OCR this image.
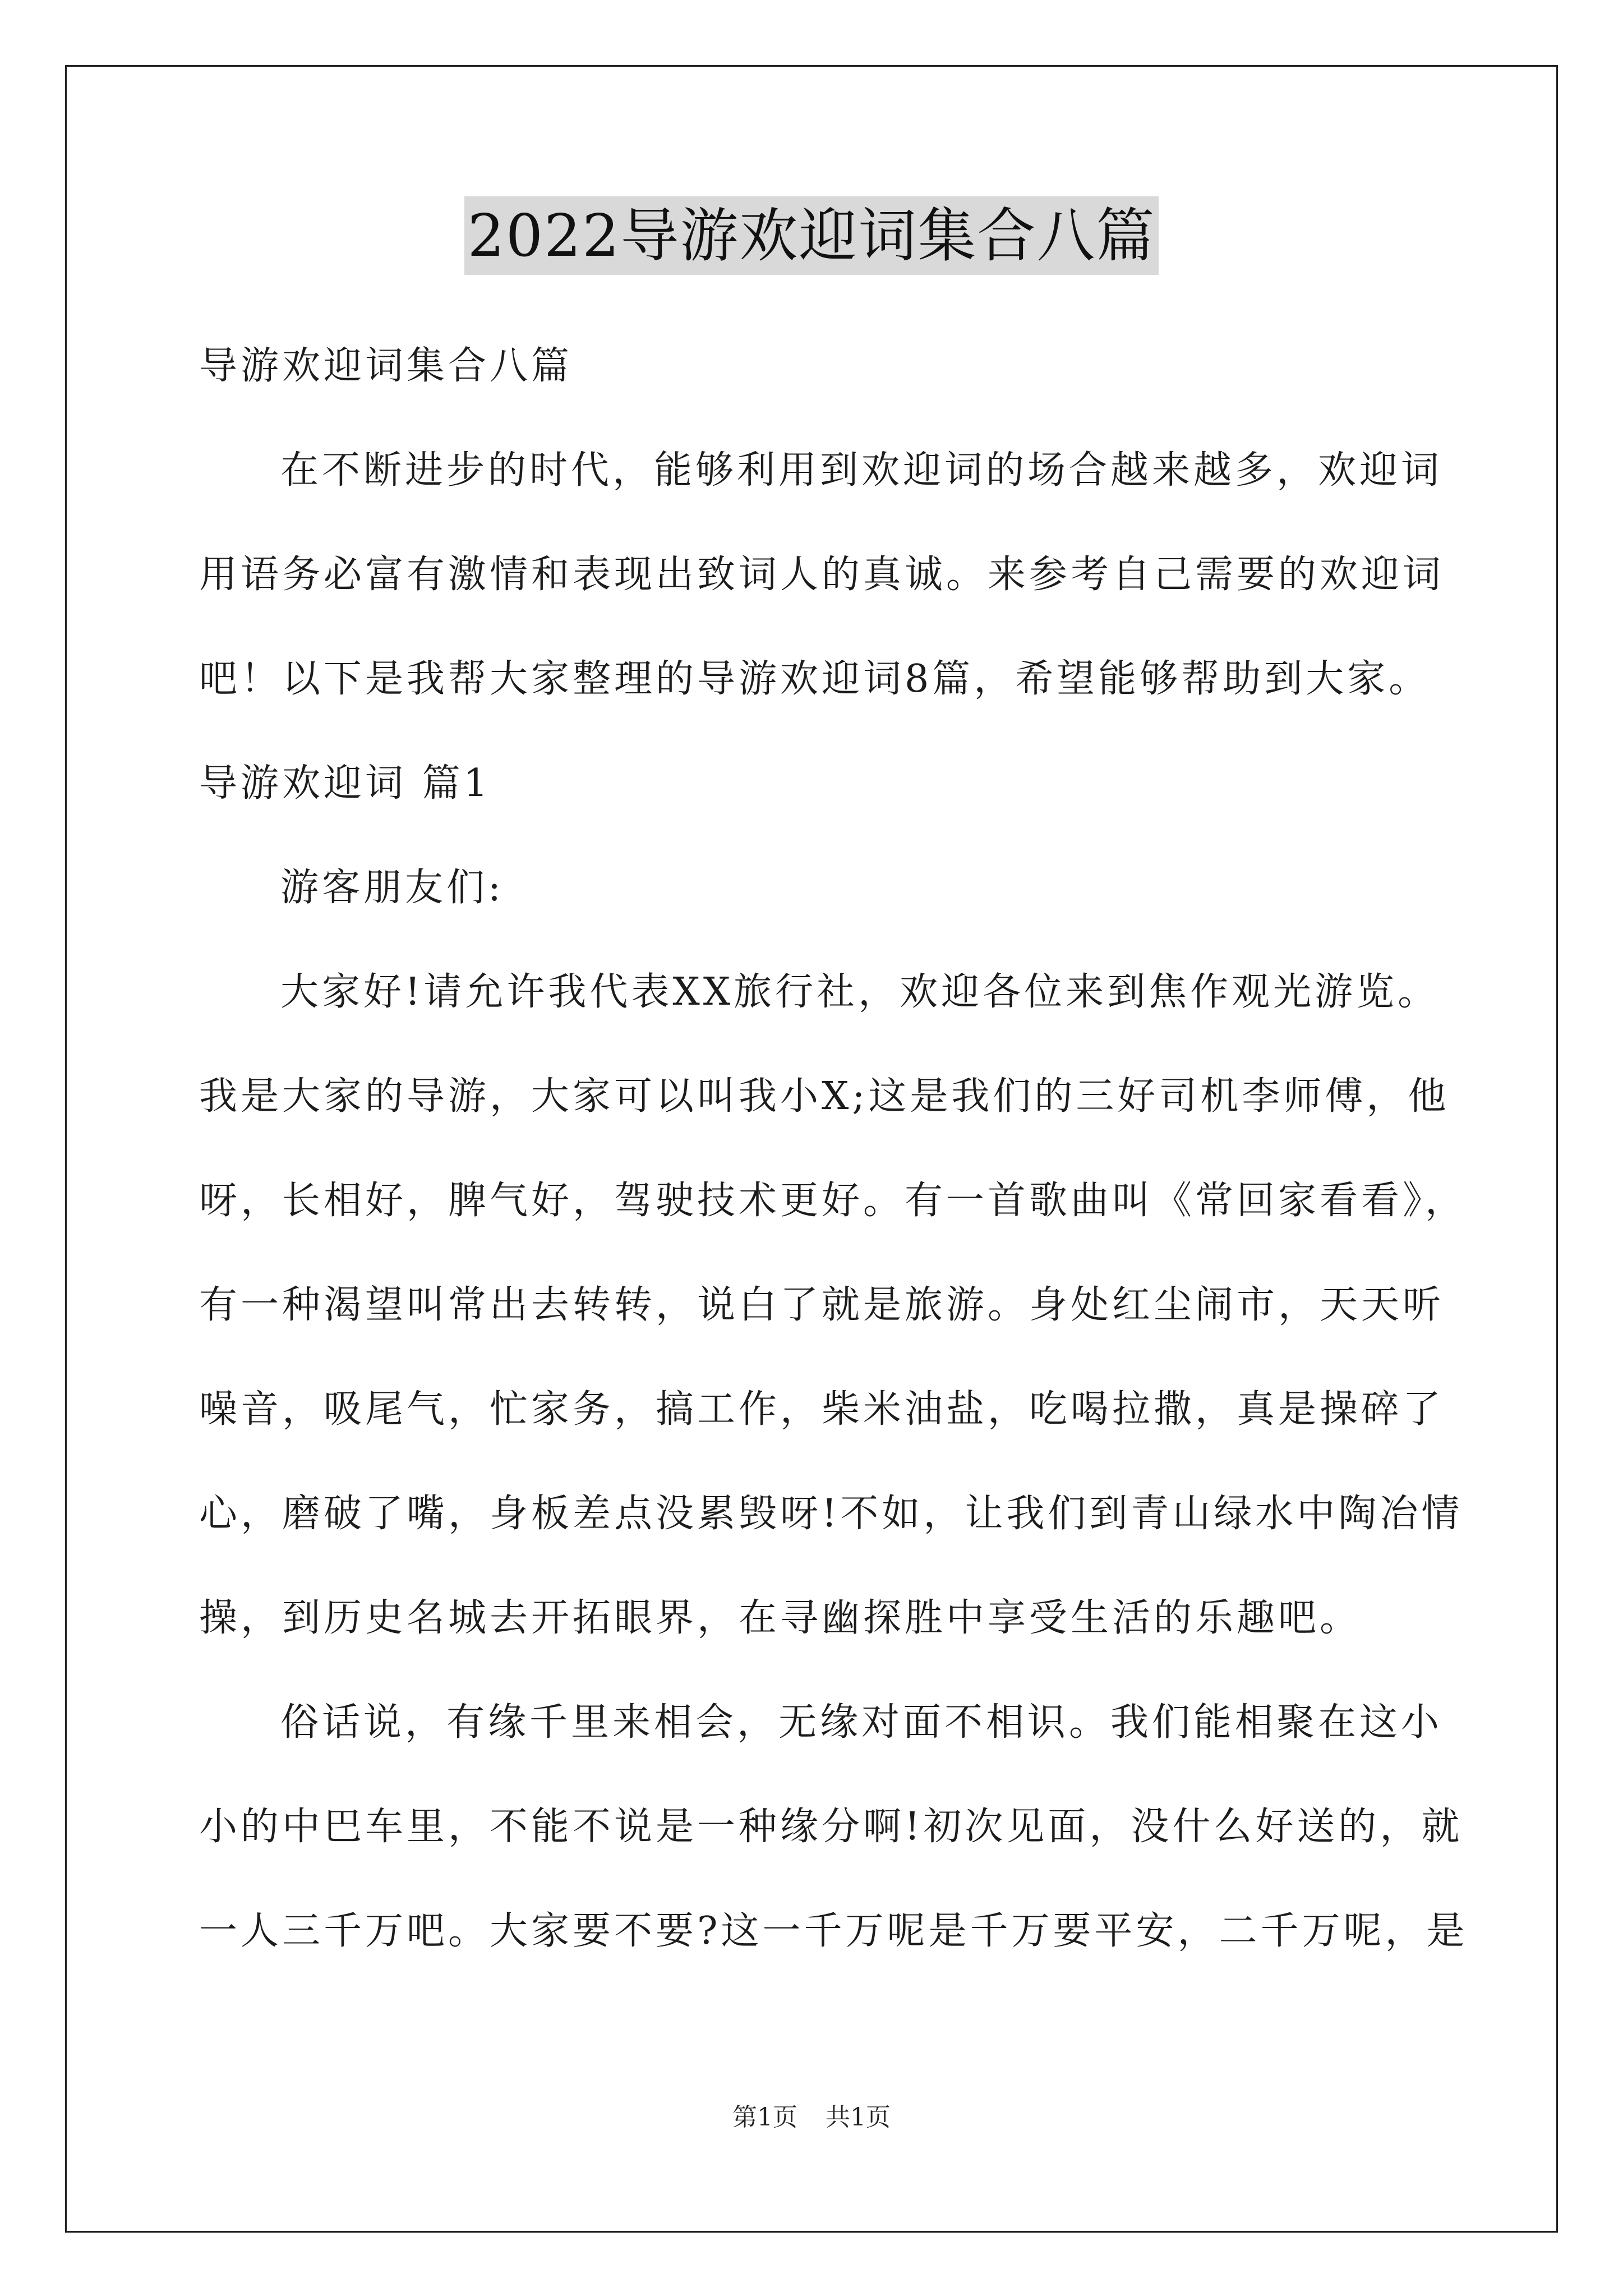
2022导游欢迎词集合八篇
导游欢迎词集合八篇
在不断进步的时代，能够利用到欢迎词的场合越来越多，欢迎词
用语务必富有激情和表现出致词人的真诚。来参考自己需要的欢迎词
吧！以下是我帮大家整理的导游欢迎词8篇，希望能够帮助到大家。
导游欢迎词 篇1
游客朋友们:
大家好!请允许我代表XX旅行社，欢迎各位来到焦作观光游览。
我是大家的导游，大家可以叫我小X;这是我们的三好司机李师傅，他
呀，长相好，脾气好，驾驶技术更好。有一首歌曲叫《常回家看看》，
有一种渴望叫常出去转转，说白了就是旅游。身处红尘闹市，天天听
噪音，吸尾气，忙家务，搞工作，柴米油盐，吃喝拉撒，真是操碎了
心，磨破了嘴，身板差点没累毁呀!不如，让我们到青山绿水中陶冶情
操，到历史名城去开拓眼界，在寻幽探胜中享受生活的乐趣吧。
俗话说，有缘千里来相会，无缘对面不相识。我们能相聚在这小
小的中巴车里，不能不说是一种缘分啊!初次见面，没什么好送的，就
一人三千万吧。大家要不要?这一千万呢是千万要平安，二千万呢，是
第1页 共1页
